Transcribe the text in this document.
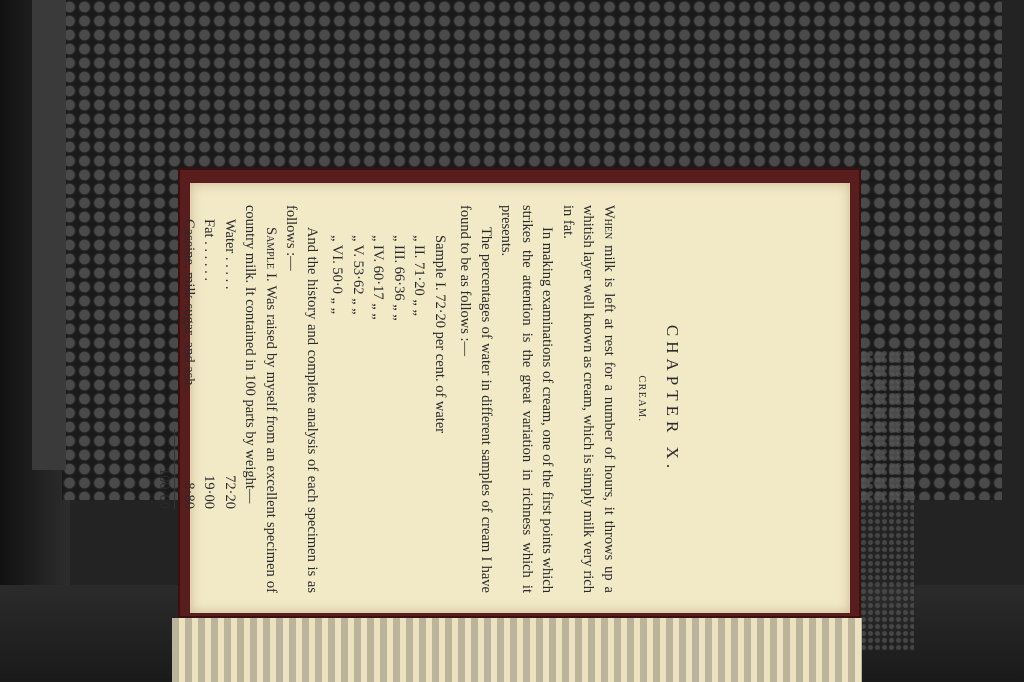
CHAPTER X.
CREAM.

When milk is left at rest for a number of hours, it throws up a whitish layer well known as cream, which is simply milk very rich in fat.

In making examinations of cream, one of the first points which strikes the attention is the great variation in richness which it presents.

The percentages of water in different samples of cream I have found to be as follows :—

Sample I. 72·20 per cent. of water
„ II. 71·20 „ „
„ III. 66·36 „ „
„ IV. 60·17 „ „
„ V. 53·62 „ „
„ VI. 50·0 „ „

And the history and complete analysis of each specimen is as follows :—

Sample I. Was raised by myself from an excellent specimen of country milk. It contained in 100 parts by weight—

Water . . . . .
72·20
Fat . . . . . .
19·00
Caseine, milk-sugar, and ash .
8·80
100·00
